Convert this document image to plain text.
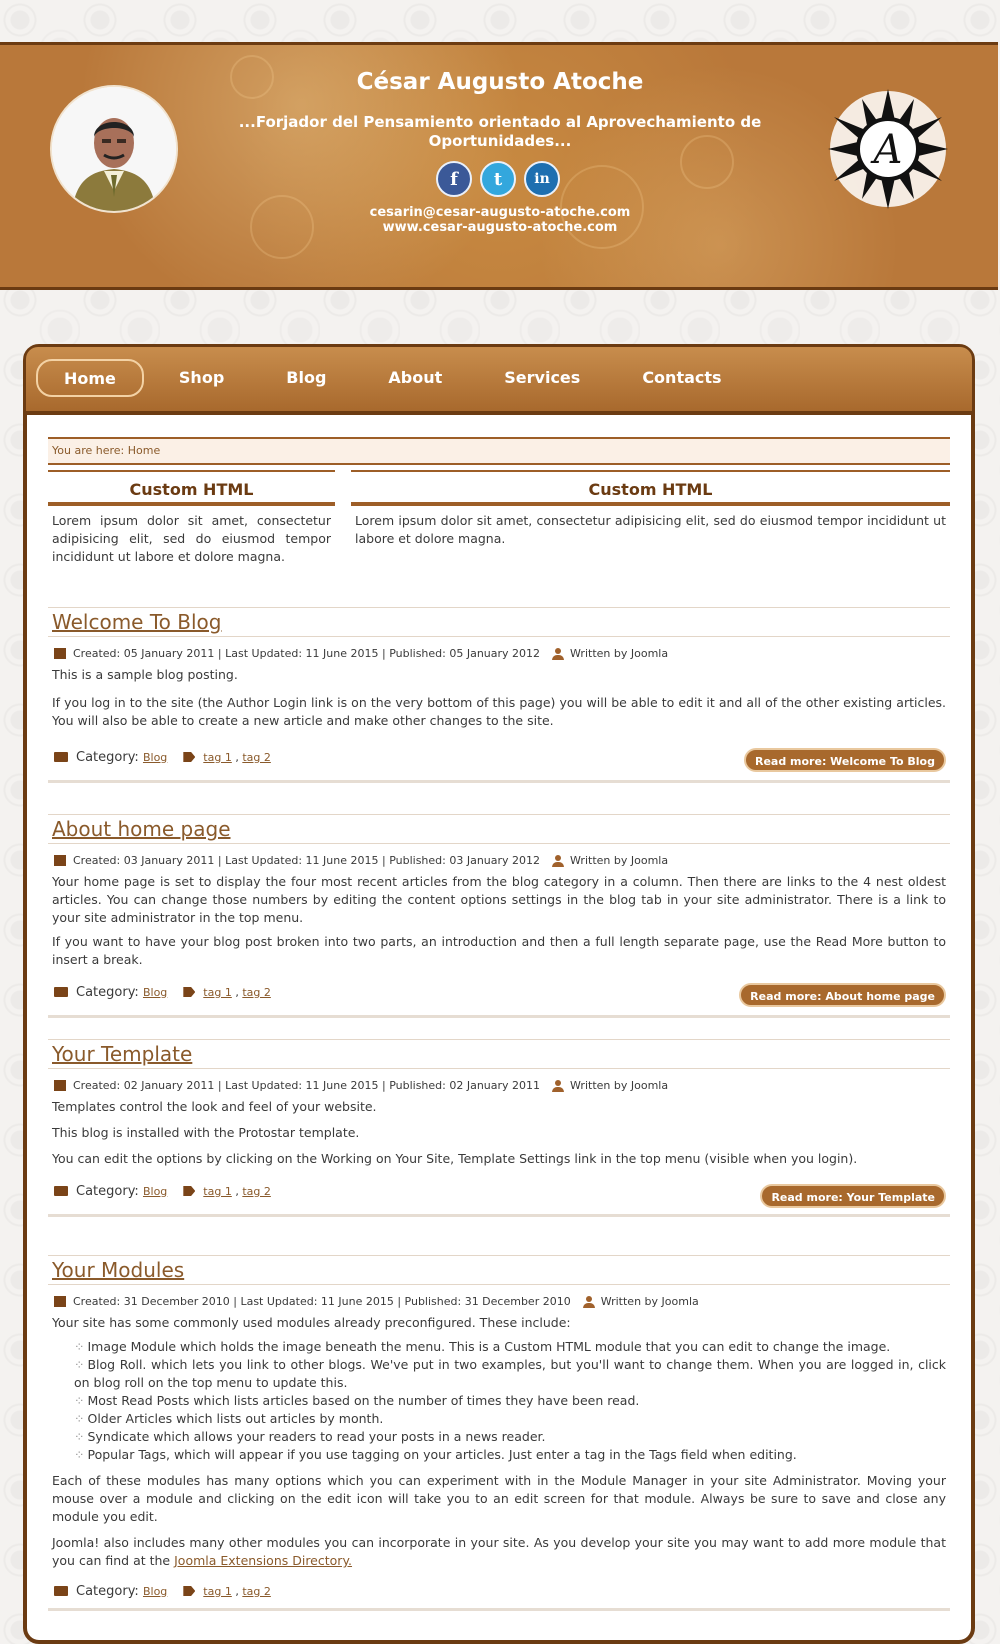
César Augusto Atoche
...Forjador del Pensamiento orientado al Aprovechamiento de Oportunidades...
f	t	in
cesarin@cesar-augusto-atoche.com
www.cesar-augusto-atoche.com
A
Home	Shop	Blog	About	Services	Contacts
You are here: Home
Custom HTML
Lorem ipsum dolor sit amet, consectetur adipisicing elit, sed do eiusmod tempor incididunt ut labore et dolore magna.
Custom HTML
Lorem ipsum dolor sit amet, consectetur adipisicing elit, sed do eiusmod tempor incididunt ut labore et dolore magna.
Welcome To Blog
Created: 05 January 2011 | Last Updated: 11 June 2015 | Published: 05 January 2012	Written by Joomla

This is a sample blog posting.

If you log in to the site (the Author Login link is on the very bottom of this page) you will be able to edit it and all of the other existing articles. You will also be able to create a new article and make other changes to the site.

Category:
Blog	tag 1 , tag 2	Read more: Welcome To Blog
About home page
Created: 03 January 2011 | Last Updated: 11 June 2015 | Published: 03 January 2012	Written by Joomla

Your home page is set to display the four most recent articles from the blog category in a column. Then there are links to the 4 nest oldest articles. You can change those numbers by editing the content options settings in the blog tab in your site administrator. There is a link to your site administrator in the top menu.

If you want to have your blog post broken into two parts, an introduction and then a full length separate page, use the Read More button to insert a break.

Category:
Blog	tag 1 , tag 2	Read more: About home page
Your Template
Created: 02 January 2011 | Last Updated: 11 June 2015 | Published: 02 January 2011	Written by Joomla

Templates control the look and feel of your website.

This blog is installed with the Protostar template.

You can edit the options by clicking on the Working on Your Site, Template Settings link in the top menu (visible when you login).

Category:
Blog	tag 1 , tag 2	Read more: Your Template
Your Modules
Created: 31 December 2010 | Last Updated: 11 June 2015 | Published: 31 December 2010	Written by Joomla

Your site has some commonly used modules already preconfigured. These include:

⁘ Image Module which holds the image beneath the menu. This is a Custom HTML module that you can edit to change the image.
⁘ Blog Roll. which lets you link to other blogs. We've put in two examples, but you'll want to change them. When you are logged in, click on blog roll on the top menu to update this.
⁘ Most Read Posts which lists articles based on the number of times they have been read.
⁘ Older Articles which lists out articles by month.
⁘ Syndicate which allows your readers to read your posts in a news reader.
⁘ Popular Tags, which will appear if you use tagging on your articles. Just enter a tag in the Tags field when editing.

Each of these modules has many options which you can experiment with in the Module Manager in your site Administrator. Moving your mouse over a module and clicking on the edit icon will take you to an edit screen for that module. Always be sure to save and close any module you edit.

Joomla! also includes many other modules you can incorporate in your site. As you develop your site you may want to add more module that you can find at the Joomla Extensions Directory.

Category:
Blog	tag 1 , tag 2
